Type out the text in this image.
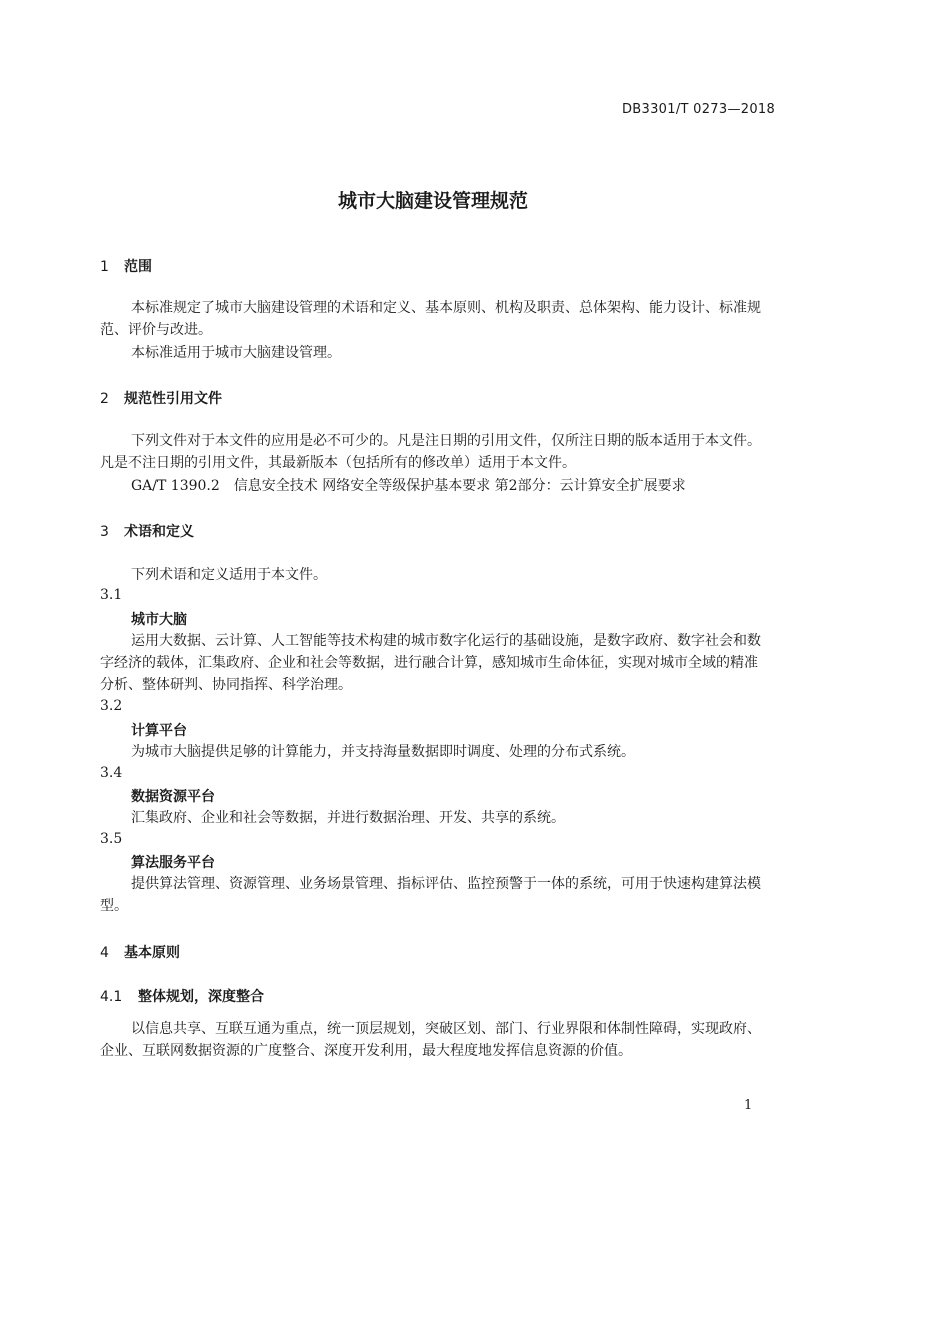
DB3301/T 0273—2018
城市大脑建设管理规范
1 范围
本标准规定了城市大脑建设管理的术语和定义、基本原则、机构及职责、总体架构、能力设计、标准规范、评价与改进。
本标准适用于城市大脑建设管理。
2 规范性引用文件
下列文件对于本文件的应用是必不可少的。凡是注日期的引用文件，仅所注日期的版本适用于本文件。凡是不注日期的引用文件，其最新版本（包括所有的修改单）适用于本文件。
GA/T 1390.2　信息安全技术 网络安全等级保护基本要求 第2部分：云计算安全扩展要求
3 术语和定义
下列术语和定义适用于本文件。
3.1
城市大脑
运用大数据、云计算、人工智能等技术构建的城市数字化运行的基础设施，是数字政府、数字社会和数字经济的载体，汇集政府、企业和社会等数据，进行融合计算，感知城市生命体征，实现对城市全域的精准分析、整体研判、协同指挥、科学治理。
3.2
计算平台
为城市大脑提供足够的计算能力，并支持海量数据即时调度、处理的分布式系统。
3.4
数据资源平台
汇集政府、企业和社会等数据，并进行数据治理、开发、共享的系统。
3.5
算法服务平台
提供算法管理、资源管理、业务场景管理、指标评估、监控预警于一体的系统，可用于快速构建算法模型。
4 基本原则
4.1 整体规划，深度整合
以信息共享、互联互通为重点，统一顶层规划，突破区划、部门、行业界限和体制性障碍，实现政府、企业、互联网数据资源的广度整合、深度开发利用，最大程度地发挥信息资源的价值。
1
